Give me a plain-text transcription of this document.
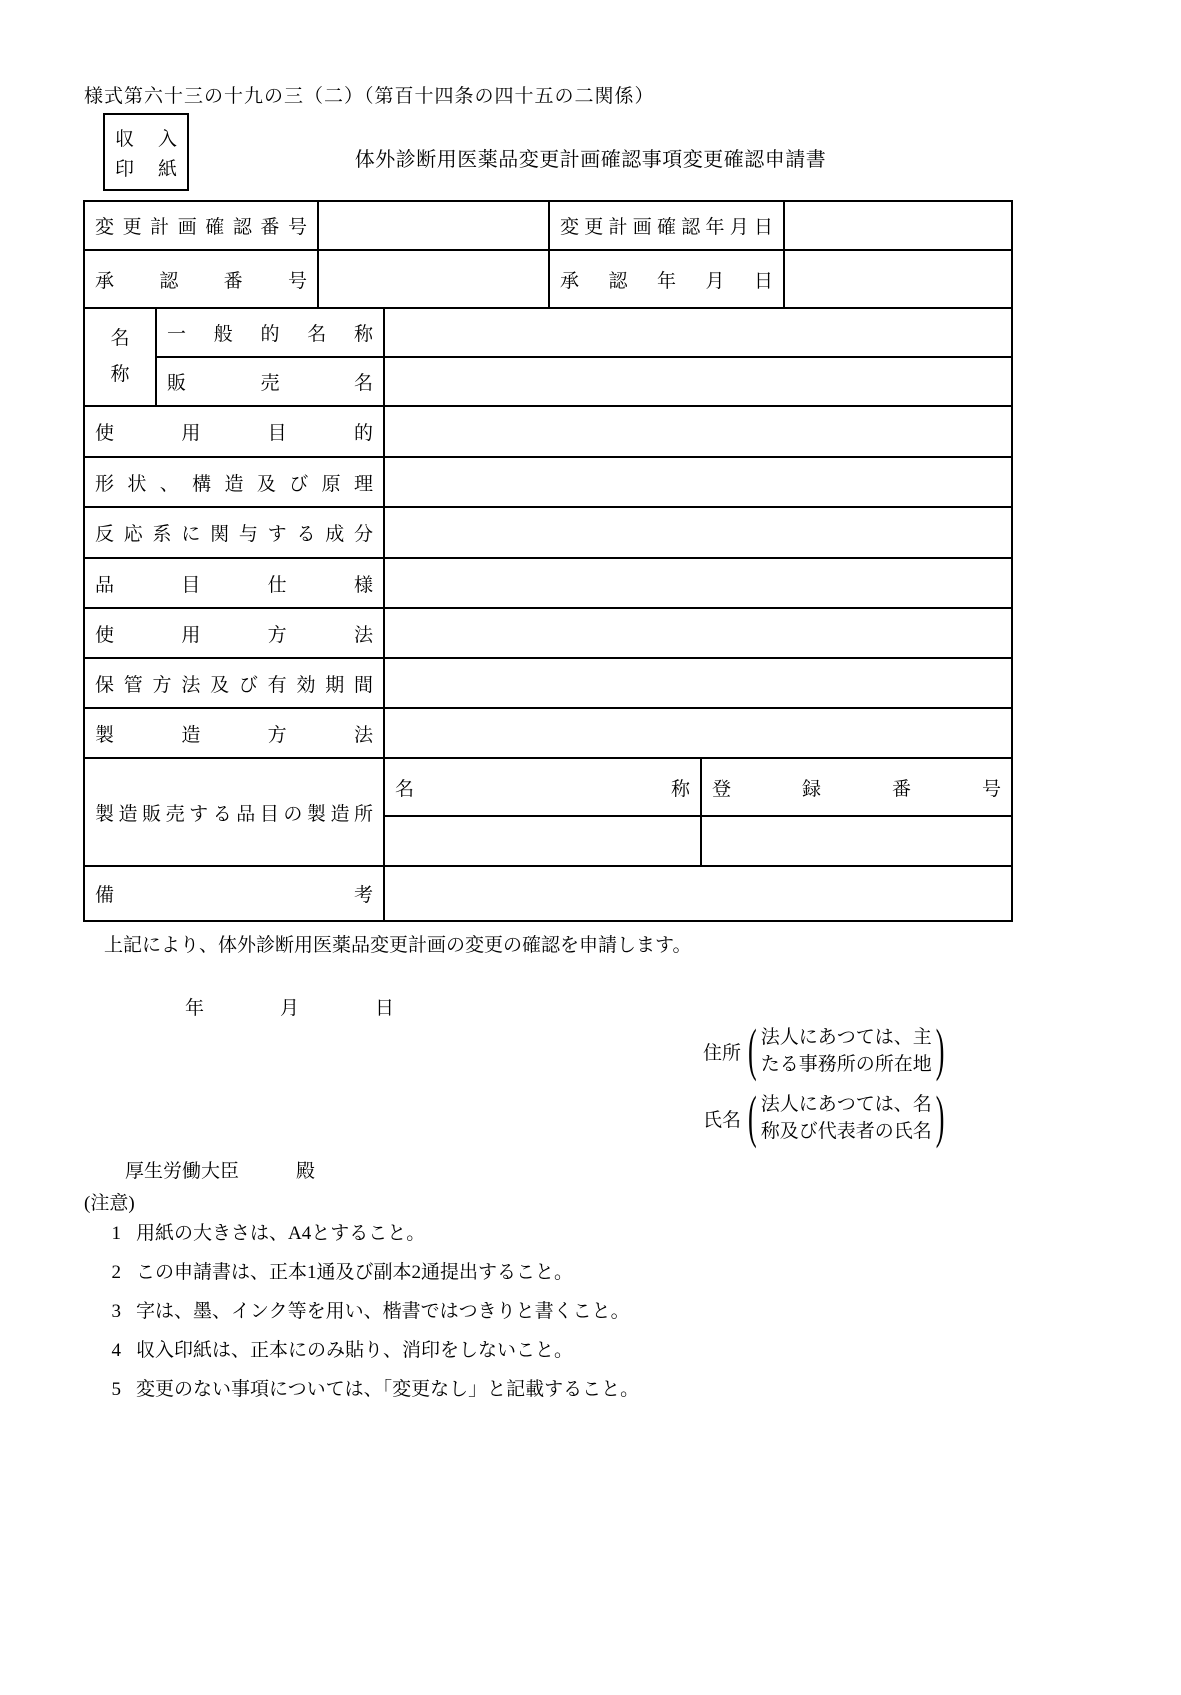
様式第六十三の十九の三（二）（第百十四条の四十五の二関係）
収　入
印　紙	体外診断用医薬品変更計画確認事項変更確認申請書
変更計画確認番号				変更計画確認年月日		

承認番号				承認年月日		

名称	一般的名称					

	販売名					

使用目的						

形状、構造及び原理						

反応系に関与する成分						

品目仕様						

使用方法						

保管方法及び有効期間						

製造方法						

製造販売する品目の製造所			名称		登録番号	

備考						

上記により、体外診断用医薬品変更計画の変更の確認を申請します。
年　　　　月　　　　日
住所 ( 法人にあつては、主
たる事務所の所在地 )
氏名 ( 法人にあつては、名
称及び代表者の氏名 )
厚生労働大臣　　　殿
(注意)
1 用紙の大きさは、A4とすること。
2 この申請書は、正本1通及び副本2通提出すること。
3 字は、墨、インク等を用い、楷書ではつきりと書くこと。
4 収入印紙は、正本にのみ貼り、消印をしないこと。
5 変更のない事項については、「変更なし」と記載すること。
